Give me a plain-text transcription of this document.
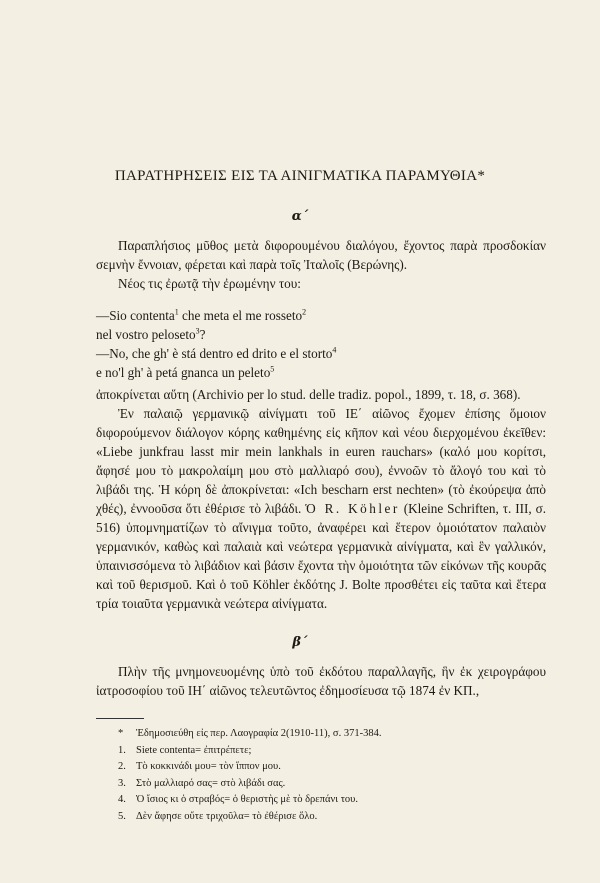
ΠΑΡΑΤΗΡΗΣΕΙΣ ΕΙΣ ΤΑ ΑΙΝΙΓΜΑΤΙΚΑ ΠΑΡΑΜΥΘΙΑ*
α΄

Παραπλήσιος μῦθος μετὰ διφορουμένου διαλόγου, ἔχοντος παρὰ προσδοκίαν σεμνὴν ἔννοιαν, φέρεται καὶ παρὰ τοῖς Ἰταλοῖς (Βερώνης).

Νέος τις ἐρωτᾷ τὴν ἐρωμένην του:

—Sio contenta$^1$ che meta el me rosseto$^2$
nel vostro peloseto$^3$?
—No, che gh' è stá dentro ed drito e el storto$^4$
e no'l gh' à petá gnanca un peleto$^5$

ἀποκρίνεται αὕτη (Archivio per lo stud. delle tradiz. popol., 1899, τ. 18, σ. 368).

Ἐν παλαιῷ γερμανικῷ αἰνίγματι τοῦ ΙΕ΄ αἰῶνος ἔχομεν ἐπίσης ὅμοιον διφορούμενον διάλογον κόρης καθημένης εἰς κῆπον καὶ νέου διερχομένου ἐκεῖθεν: «Liebe junkfrau lasst mir mein lankhals in euren rauchars» (καλό μου κορίτσι, ἄφησέ μου τὸ μακρολαίμη μου στὸ μαλλιαρό σου), ἐννοῶν τὸ ἄλογό του καὶ τὸ λιβάδι της. Ἡ κόρη δὲ ἀποκρίνεται: «Ich bescharn erst nechten» (τὸ ἐκούρεψα ἀπὸ χθές), ἐννοοῦσα ὅτι ἐθέρισε τὸ λιβάδι. Ὁ R. Köhler (Kleine Schriften, τ. III, σ. 516) ὑπομνηματίζων τὸ αἴνιγμα τοῦτο, ἀναφέρει καὶ ἕτερον ὁμοιότατον παλαιὸν γερμανικόν, καθὼς καὶ παλαιὰ καὶ νεώτερα γερμανικὰ αἰνίγματα, καὶ ἓν γαλλικόν, ὑπαινισσόμενα τὸ λιβάδιον καὶ βάσιν ἔχοντα τὴν ὁμοιότητα τῶν εἰκόνων τῆς κουρᾶς καὶ τοῦ θερισμοῦ. Καὶ ὁ τοῦ Köhler ἐκδότης J. Bolte προσθέτει εἰς ταῦτα καὶ ἕτερα τρία τοιαῦτα γερμανικὰ νεώτερα αἰνίγματα.

β΄

Πλὴν τῆς μνημονευομένης ὑπὸ τοῦ ἐκδότου παραλλαγῆς, ἣν ἐκ χειρογράφου ἰατροσοφίου τοῦ ΙΗ΄ αἰῶνος τελευτῶντος ἐδημοσίευσα τῷ 1874 ἐν ΚΠ.,

* Ἐδημοσιεύθη εἰς περ. Λαογραφία 2(1910-11), σ. 371-384.
1. Siete contenta= ἐπιτρέπετε;
2. Τὸ κοκκινάδι μου= τὸν ἵππον μου.
3. Στὸ μαλλιαρό σας= στὸ λιβάδι σας.
4. Ὁ ἴσιος κι ὁ στραβός= ὁ θεριστὴς μὲ τὸ δρεπάνι του.
5. Δὲν ἄφησε οὔτε τριχοῦλα= τὸ ἐθέρισε ὅλο.
